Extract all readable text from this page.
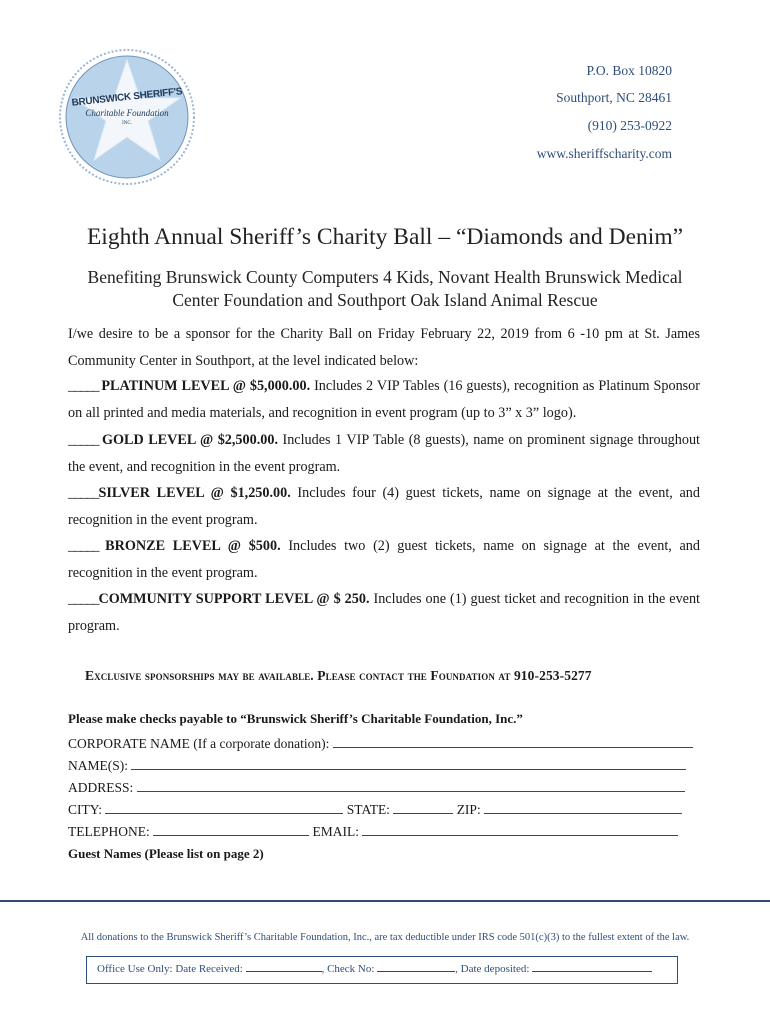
BRUNSWICK SHERIFF'S
Charitable Foundation
INC.
P.O. Box 10820
Southport, NC 28461
(910) 253-0922
www.sheriffscharity.com
Eighth Annual Sheriff’s Charity Ball – “Diamonds and Denim”
Benefiting Brunswick County Computers 4 Kids, Novant Health Brunswick Medical Center Foundation and Southport Oak Island Animal Rescue
I/we desire to be a sponsor for the Charity Ball on Friday February 22, 2019 from 6 -10 pm at St. James Community Center in Southport, at the level indicated below:
_____ PLATINUM LEVEL @ $5,000.00. Includes 2 VIP Tables (16 guests), recognition as Platinum Sponsor on all printed and media materials, and recognition in event program (up to 3” x 3” logo).
_____ GOLD LEVEL @ $2,500.00. Includes 1 VIP Table (8 guests), name on prominent signage throughout the event, and recognition in the event program.
_____SILVER LEVEL @ $1,250.00. Includes four (4) guest tickets, name on signage at the event, and recognition in the event program.
_____ BRONZE LEVEL @ $500. Includes two (2) guest tickets, name on signage at the event, and recognition in the event program.
_____COMMUNITY SUPPORT LEVEL @ $ 250. Includes one (1) guest ticket and recognition in the event program.
Exclusive sponsorships may be available. Please contact the Foundation at 910-253-5277
Please make checks payable to “Brunswick Sheriff’s Charitable Foundation, Inc.”
CORPORATE NAME (If a corporate donation):
NAME(S):
ADDRESS:
CITY:	STATE:	ZIP:
TELEPHONE:	EMAIL:
Guest Names (Please list on page 2)
All donations to the Brunswick Sheriff’s Charitable Foundation, Inc., are tax deductible under IRS code 501(c)(3) to the fullest extent of the law.
Office Use Only: Date Received:	, Check No:	, Date deposited:
